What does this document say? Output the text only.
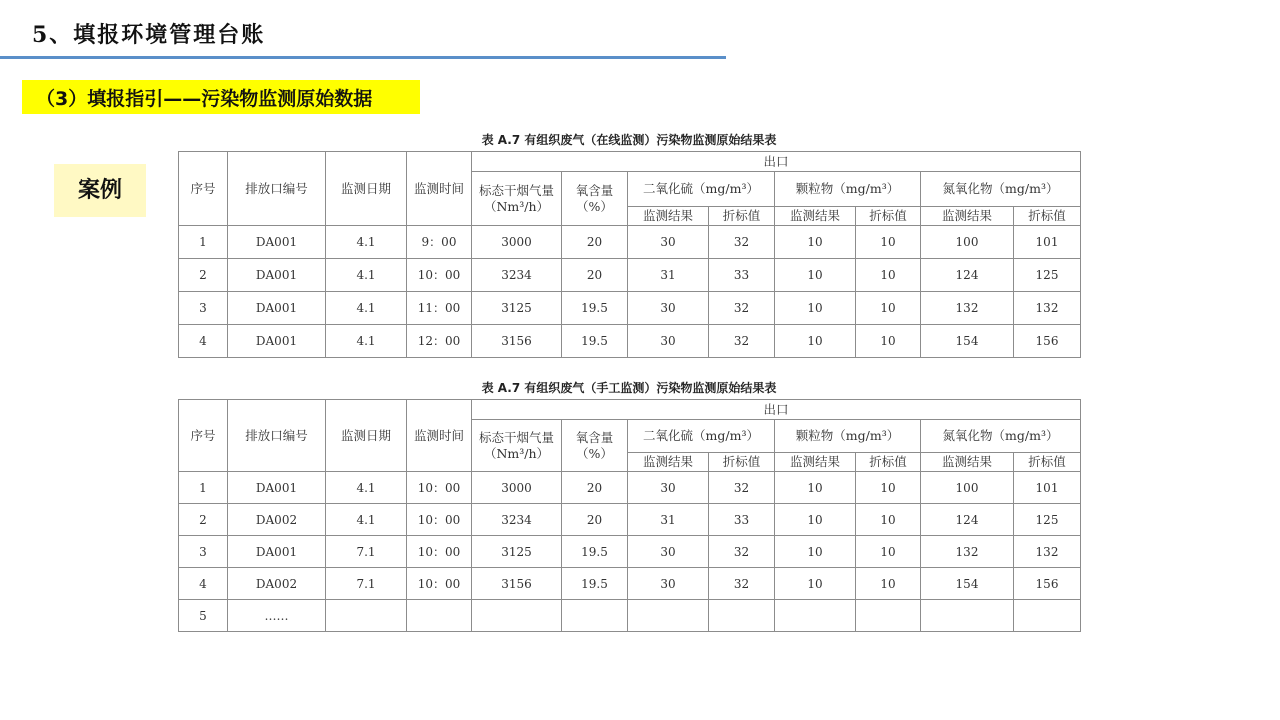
5、填报环境管理台账
（3）填报指引——污染物监测原始数据
案例
表 A.7 有组织废气（在线监测）污染物监测原始结果表
序号	排放口编号	监测日期	监测时间	出口							
				标态干烟气量（Nm³/h）	氧含量（%）	二氧化硫（mg/m³）		颗粒物（mg/m³）		氮氧化物（mg/m³）	
						监测结果	折标值	监测结果	折标值	监测结果	折标值
1	DA001	4.1	9：00	3000	20	30	32	10	10	100	101
2	DA001	4.1	10：00	3234	20	31	33	10	10	124	125
3	DA001	4.1	11：00	3125	19.5	30	32	10	10	132	132
4	DA001	4.1	12：00	3156	19.5	30	32	10	10	154	156
表 A.7 有组织废气（手工监测）污染物监测原始结果表
序号	排放口编号	监测日期	监测时间	出口							
				标态干烟气量（Nm³/h）	氧含量（%）	二氧化硫（mg/m³）		颗粒物（mg/m³）		氮氧化物（mg/m³）	
						监测结果	折标值	监测结果	折标值	监测结果	折标值
1	DA001	4.1	10：00	3000	20	30	32	10	10	100	101
2	DA002	4.1	10：00	3234	20	31	33	10	10	124	125
3	DA001	7.1	10：00	3125	19.5	30	32	10	10	132	132
4	DA002	7.1	10：00	3156	19.5	30	32	10	10	154	156
5	……										
